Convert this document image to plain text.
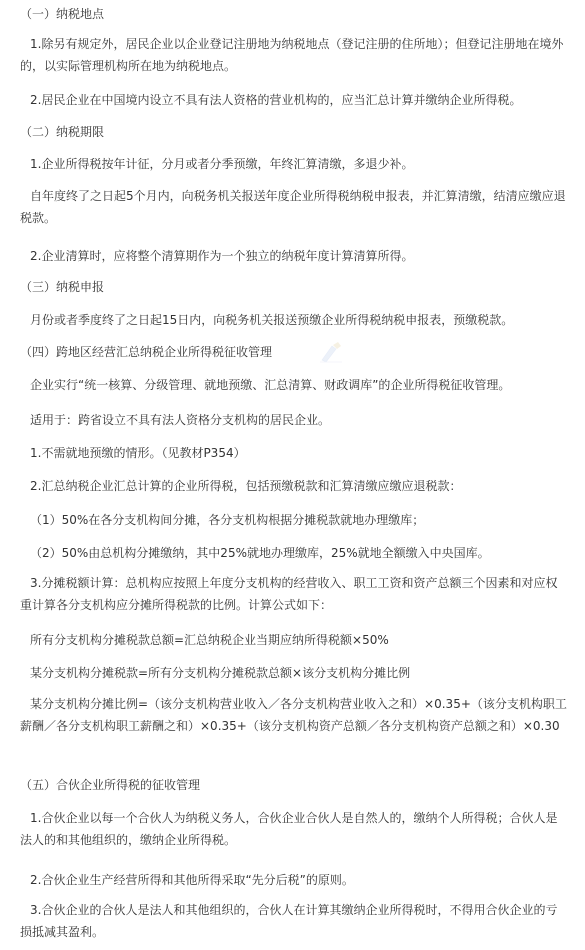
（一）纳税地点
1.除另有规定外，居民企业以企业登记注册地为纳税地点（登记注册的住所地）；但登记注册地在境外的，以实际管理机构所在地为纳税地点。
2.居民企业在中国境内设立不具有法人资格的营业机构的，应当汇总计算并缴纳企业所得税。
（二）纳税期限
1.企业所得税按年计征，分月或者分季预缴，年终汇算清缴，多退少补。
自年度终了之日起5个月内，向税务机关报送年度企业所得税纳税申报表，并汇算清缴，结清应缴应退税款。
2.企业清算时，应将整个清算期作为一个独立的纳税年度计算清算所得。
（三）纳税申报
月份或者季度终了之日起15日内，向税务机关报送预缴企业所得税纳税申报表，预缴税款。
（四）跨地区经营汇总纳税企业所得税征收管理
企业实行“统一核算、分级管理、就地预缴、汇总清算、财政调库”的企业所得税征收管理。
适用于：跨省设立不具有法人资格分支机构的居民企业。
1.不需就地预缴的情形。（见教材P354）
2.汇总纳税企业汇总计算的企业所得税，包括预缴税款和汇算清缴应缴应退税款：
（1）50%在各分支机构间分摊，各分支机构根据分摊税款就地办理缴库；
（2）50%由总机构分摊缴纳，其中25%就地办理缴库，25%就地全额缴入中央国库。
3.分摊税额计算：总机构应按照上年度分支机构的经营收入、职工工资和资产总额三个因素和对应权重计算各分支机构应分摊所得税款的比例。计算公式如下：
所有分支机构分摊税款总额=汇总纳税企业当期应纳所得税额×50%
某分支机构分摊税款=所有分支机构分摊税款总额×该分支机构分摊比例
某分支机构分摊比例=（该分支机构营业收入／各分支机构营业收入之和）×0.35+（该分支机构职工薪酬／各分支机构职工薪酬之和）×0.35+（该分支机构资产总额／各分支机构资产总额之和）×0.30
（五）合伙企业所得税的征收管理
1.合伙企业以每一个合伙人为纳税义务人，合伙企业合伙人是自然人的，缴纳个人所得税；合伙人是法人的和其他组织的，缴纳企业所得税。
2.合伙企业生产经营所得和其他所得采取“先分后税”的原则。
3.合伙企业的合伙人是法人和其他组织的，合伙人在计算其缴纳企业所得税时，不得用合伙企业的亏损抵减其盈利。
